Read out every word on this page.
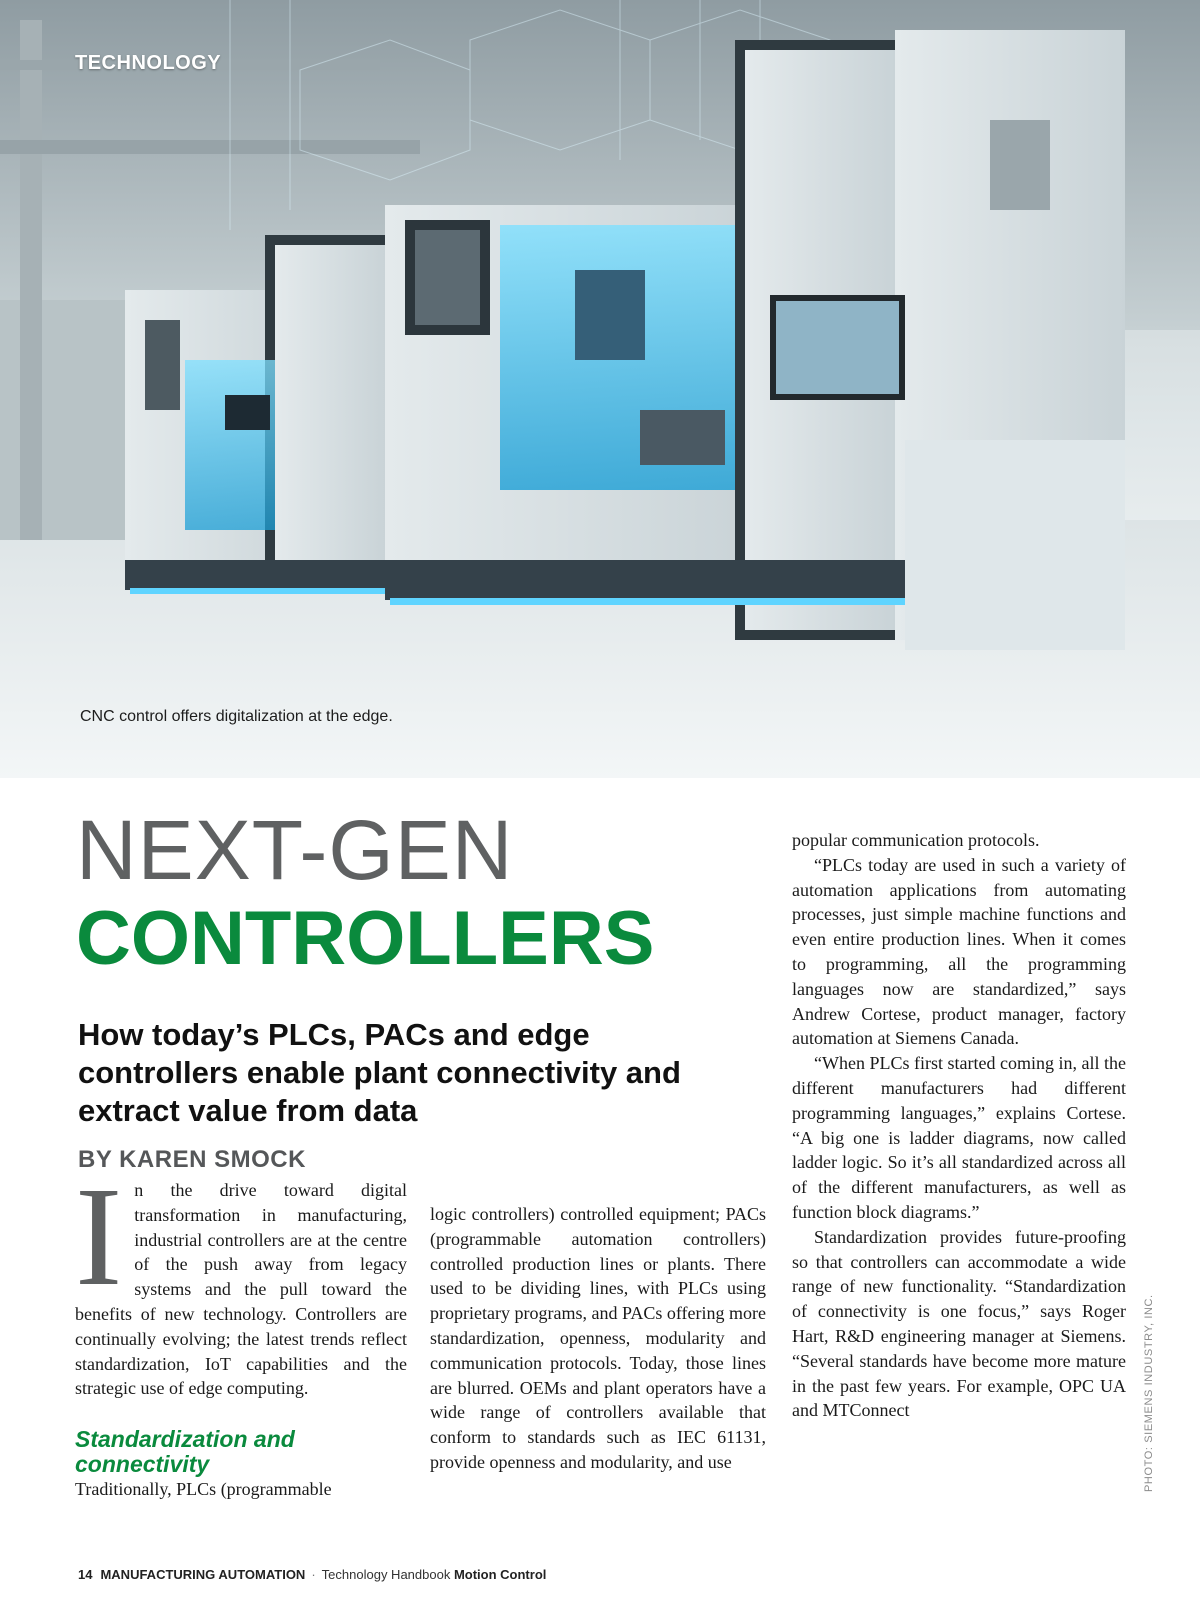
TECHNOLOGY

CNC control offers digitalization at the edge.

PHOTO: SIEMENS INDUSTRY, INC.

NEXT-GEN
CONTROLLERS
How today’s PLCs, PACs and edge controllers enable plant connectivity and extract value from data

BY KAREN SMOCK

In the drive toward digital transformation in manufacturing, industrial controllers are at the centre of the push away from legacy systems and the pull toward the benefits of new technology. Controllers are continually evolving; the latest trends reflect standardization, IoT capabilities and the strategic use of edge computing.

Standardization and connectivity

Traditionally, PLCs (programmable

logic controllers) controlled equipment; PACs (programmable automation controllers) controlled production lines or plants. There used to be dividing lines, with PLCs using proprietary programs, and PACs offering more standardization, openness, modularity and communication protocols. Today, those lines are blurred. OEMs and plant operators have a wide range of controllers available that conform to standards such as IEC 61131, provide openness and modularity, and use

popular communication protocols.

“PLCs today are used in such a variety of automation applications from automating processes, just simple machine functions and even entire production lines. When it comes to programming, all the programming languages now are standardized,” says Andrew Cortese, product manager, factory automation at Siemens Canada.

“When PLCs first started coming in, all the different manufacturers had different programming languages,” explains Cortese. “A big one is ladder diagrams, now called ladder logic. So it’s all standardized across all of the different manufacturers, as well as function block diagrams.”

Standardization provides future-proofing so that controllers can accommodate a wide range of new functionality. “Standardization of connectivity is one focus,” says Roger Hart, R&D engineering manager at Siemens. “Several standards have become more mature in the past few years. For example, OPC UA and MTConnect

14 MANUFACTURING AUTOMATION · Technology Handbook Motion Control
